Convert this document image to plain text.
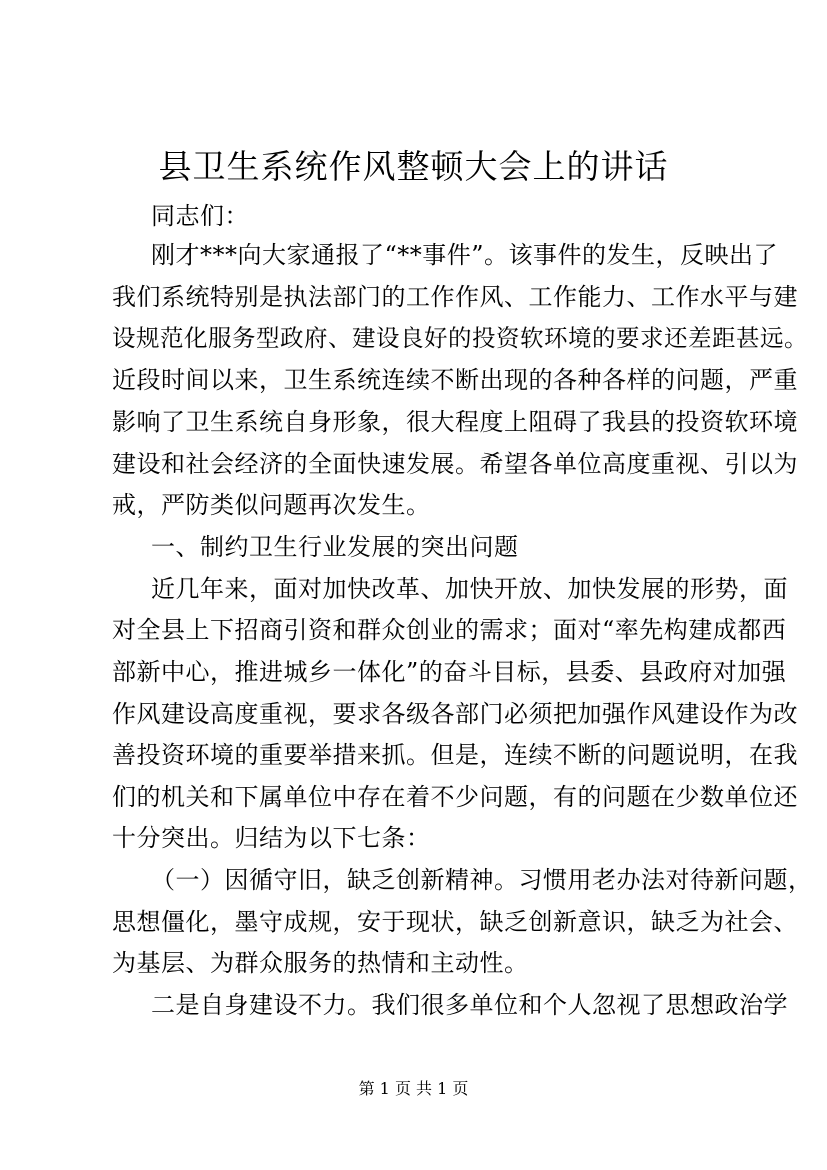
县卫生系统作风整顿大会上的讲话
同志们：
刚才***向大家通报了“**事件”。该事件的发生，反映出了
我们系统特别是执法部门的工作作风、工作能力、工作水平与建
设规范化服务型政府、建设良好的投资软环境的要求还差距甚远。
近段时间以来，卫生系统连续不断出现的各种各样的问题，严重
影响了卫生系统自身形象，很大程度上阻碍了我县的投资软环境
建设和社会经济的全面快速发展。希望各单位高度重视、引以为
戒，严防类似问题再次发生。
一、制约卫生行业发展的突出问题
近几年来，面对加快改革、加快开放、加快发展的形势，面
对全县上下招商引资和群众创业的需求；面对“率先构建成都西
部新中心，推进城乡一体化”的奋斗目标，县委、县政府对加强
作风建设高度重视，要求各级各部门必须把加强作风建设作为改
善投资环境的重要举措来抓。但是，连续不断的问题说明，在我
们的机关和下属单位中存在着不少问题，有的问题在少数单位还
十分突出。归结为以下七条：
（一）因循守旧，缺乏创新精神。习惯用老办法对待新问题，
思想僵化，墨守成规，安于现状，缺乏创新意识，缺乏为社会、
为基层、为群众服务的热情和主动性。
二是自身建设不力。我们很多单位和个人忽视了思想政治学
第 1 页 共 1 页
